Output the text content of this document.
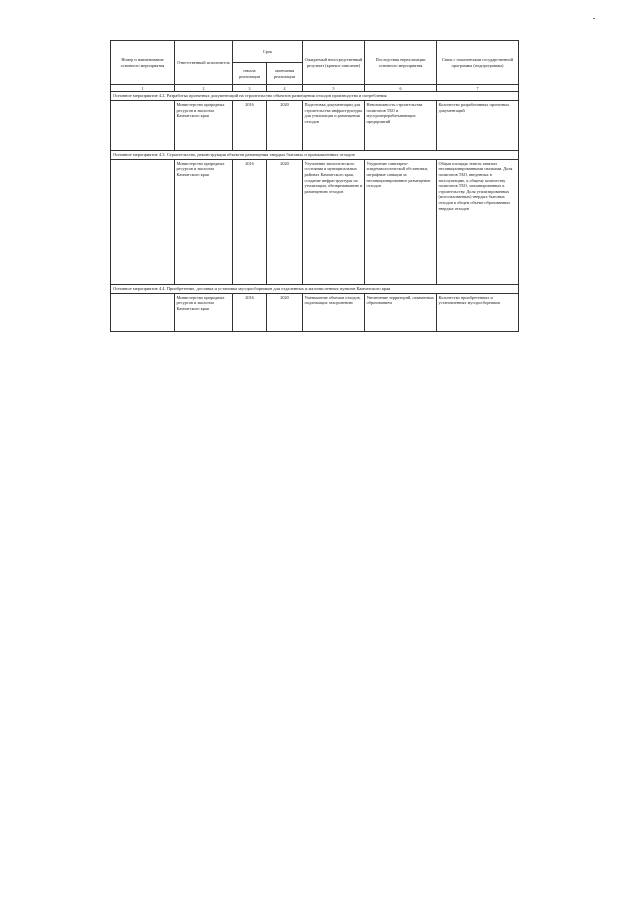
Номер и наименование основного мероприятия	Ответственный исполнитель	Срок		Ожидаемый непосредственный результат (краткое описание)	Последствия нереализации основного мероприятия	Связь с показателями государственной программы (подпрограммы)
		начала реализации	окончания реализации			
1	2	3	4	5	6	7
Основное мероприятие 4.2. Разработка проектных документаций на строительство объектов размещения отходов производства и потребления						
	Министерство природных ресурсов и экологии Камчатского края	2016	2020	Подготовка документации для строительства инфраструктуры для утилизации и размещения отходов	Невозможность строительства полигонов ТБО и мусороперерабатывающих предприятий	Количество разработанных проектных документаций
Основное мероприятие 4.3. Строительство, реконструкция объектов размещения твердых бытовых и промышленных отходов						
	Министерство природных ресурсов и экологии Камчатского края	2016	2020	Улучшение экологического состояния в муниципальных районах Камчатского края, создание инфраструктуры по утилизации, обезвреживанию и размещению отходов	Ухудшение санитарно-эпидемиологической обстановки, штрафные санкции за несанкционированное размещение отходов	Общая площадь земель занятых несанкционированными свалками. Доля полигонов ТБО, введенных в эксплуатацию, к общему количеству полигонов ТБО, запланированных к строительству. Доля утилизированных (использованных) твердых бытовых отходов в общем объеме образованных твердых отходов
Основное мероприятие 4.4. Приобретение, доставка и установка мусоросборников для отдаленных и малочисленных пунктов Камчатского края						
	Министерство природных ресурсов и экологии Камчатского края	2016	2020	Уменьшение объемов отходов, подлежащих захоронению	Увеличение территорий, охваченных образованием	Количество приобретенных и установленных мусоросборников
